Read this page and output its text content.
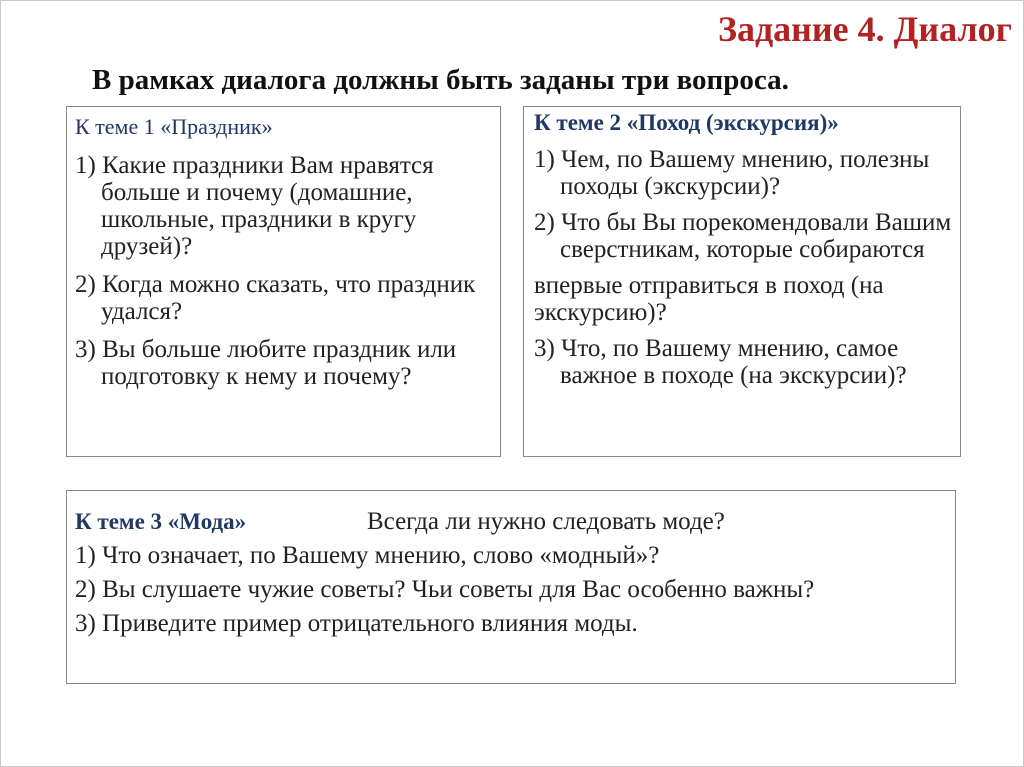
Задание 4. Диалог
В рамках диалога должны быть заданы три вопроса.
К теме 1 «Праздник»
1) Какие праздники Вам нравятся больше и почему (домашние, школьные, праздники в кругу друзей)?
2) Когда можно сказать, что праздник удался?
3) Вы больше любите праздник или подготовку к нему и почему?
К теме 2 «Поход (экскурсия)»
1) Чем, по Вашему мнению, полезны походы (экскурсии)?
2) Что бы Вы порекомендовали Вашим сверстникам, которые собираются
впервые отправиться в поход (на экскурсию)?
3) Что, по Вашему мнению, самое важное в походе (на экскурсии)?
К теме 3 «Мода»	Всегда ли нужно следовать моде?
1) Что означает, по Вашему мнению, слово «модный»?
2) Вы слушаете чужие советы? Чьи советы для Вас особенно важны?
3) Приведите пример отрицательного влияния моды.
